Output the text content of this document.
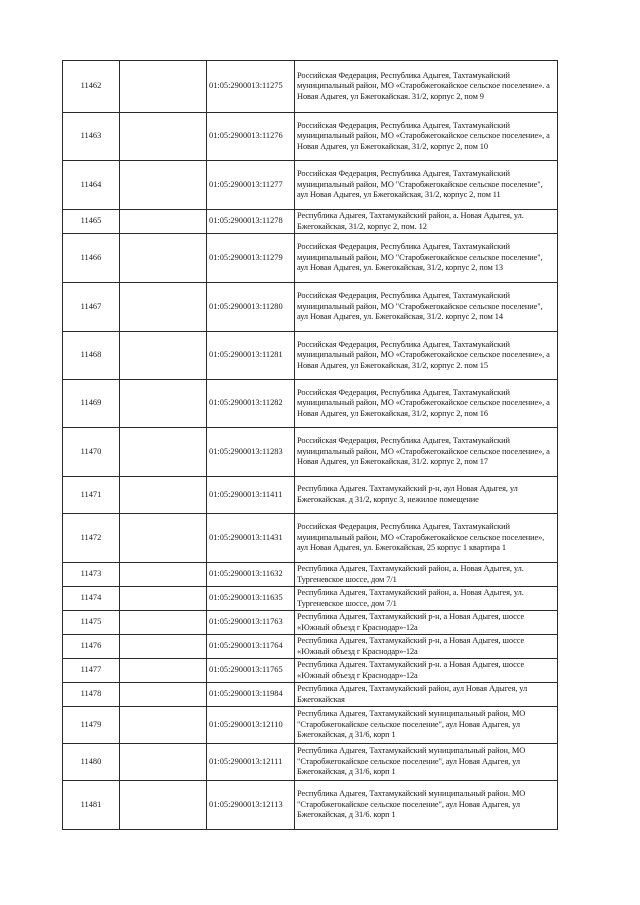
11462		01:05:2900013:11275	Российская Федерация, Республика Адыгея, Тахтамукайский муниципальный район, МО «Старобжегокайское сельское поселение». а Новая Адыгея, ул Бжегокайская. 31/2, корпус 2, пом 9
11463		01:05:2900013:11276	Российская Федерация, Республика Адыгея, Тахтамукайский муниципальный район, МО «Старобжегокайское сельское поселение», а Новая Адыгея, ул Бжегокайская, 31/2, корпус 2, пом 10
11464		01:05:2900013:11277	Российская Федерация, Республика Адыгея, Тахтамукайский муниципальный район, МО "Старобжегокайское сельское поселение", аул Новая Адыгея, ул Бжегокайская, 31/2, корпус 2, пом 11
11465		01:05:2900013:11278	Республика Адыгея, Тахтамукайский район, а. Новая Адыгея, ул. Бжегокайская, 31/2, корпус 2, пом. 12
11466		01:05:2900013:11279	Российская Федерация, Республика Адыгея, Тахтамукайский муниципальный район, МО "Старобжегокайское сельское поселение", аул Новая Адыгея, ул. Бжегокайская, 31/2, корпус 2, пом 13
11467		01:05:2900013:11280	Российская Федерация, Республика Адыгея, Тахтамукайский муниципальный район, МО "Старобжегокайское сельское поселение", аул Новая Адыгея, ул. Бжегокайская, 31/2. корпус 2, пом 14
11468		01:05:2900013:11281	Российская Федерация, Республика Адыгея, Тахтамукайский муниципальный район, МО «Старобжегокайское сельское поселение», а Новая Адыгея, ул Бжегокайская, 31/2, корпус 2. пом 15
11469		01:05:2900013:11282	Российская Федерация, Республика Адыгея, Тахтамукайский муниципальный район, МО «Старобжегокайское сельское поселение», а Новая Адыгея, ул Бжегокайская, 31/2, корпус 2, пом 16
11470		01:05:2900013:11283	Российская Федерация, Республика Адыгея, Тахтамукайский муниципальный район, МО «Старобжегокайское сельское поселение», а Новая Адыгея, ул Бжегокайская, 31/2. корпус 2, пом 17
11471		01:05:2900013:11411	Республика Адыгея. Тахтамукайский р-н, аул Новая Адыгея, ул Бжегокайская. д 31/2, корпус 3, нежилое помещение
11472		01:05:2900013:11431	Российская Федерация, Республика Адыгея, Тахтамукайский муниципальный район, МО «Старобжегокайское сельское поселение», аул Новая Адыгея, ул. Бжегокайская, 25 корпус 1 квартира 1
11473		01:05:2900013:11632	Республика Адыгея, Тахтамукайский район, а. Новая Адыгея, ул. Тургеневское шоссе, дом 7/1
11474		01:05:2900013:11635	Республика Адыгея, Тахтамукайский район, а. Новая Адыгея, ул. Тургеневское шоссе, дом 7/1
11475		01:05:2900013:11763	Республика Адыгея, Тахтамукайский р-н, а Новая Адыгея, шоссе «Южный объезд г Краснодар»-12а
11476		01:05:2900013:11764	Республика Адыгея, Тахтамукайский р-н, а Новая Адыгея, шоссе «Южный объезд г Краснодар»-12а
11477		01:05:2900013:11765	Республика Адыгея. Тахтамукайский р-н. а Новая Адыгея, шоссе «Южный объезд г Краснодар»-12а
11478		01:05:2900013:11984	Республика Адыгея, Тахтамукайский район, аул Новая Адыгея, ул Бжегокайская
11479		01:05:2900013:12110	Республика Адыгея, Тахтамукайский муниципальный район, МО "Старобжегокайское сельское поселение", аул Новая Адыгея, ул Бжегокайская, д 31/6, корп 1
11480		01:05:2900013:12111	Республика Адыгея, Тахтамукайский муниципальный район, МО "Старобжегокайское сельское поселение", аул Новая Адыгея, ул Бжегокайская, д 31/6, корп 1
11481		01:05:2900013:12113	Республика Адыгея, Тахтамукайский муниципальный район. МО "Старобжегокайское сельское поселение", аул Новая Адыгея, ул Бжегокайская, д 31/6. корп 1
